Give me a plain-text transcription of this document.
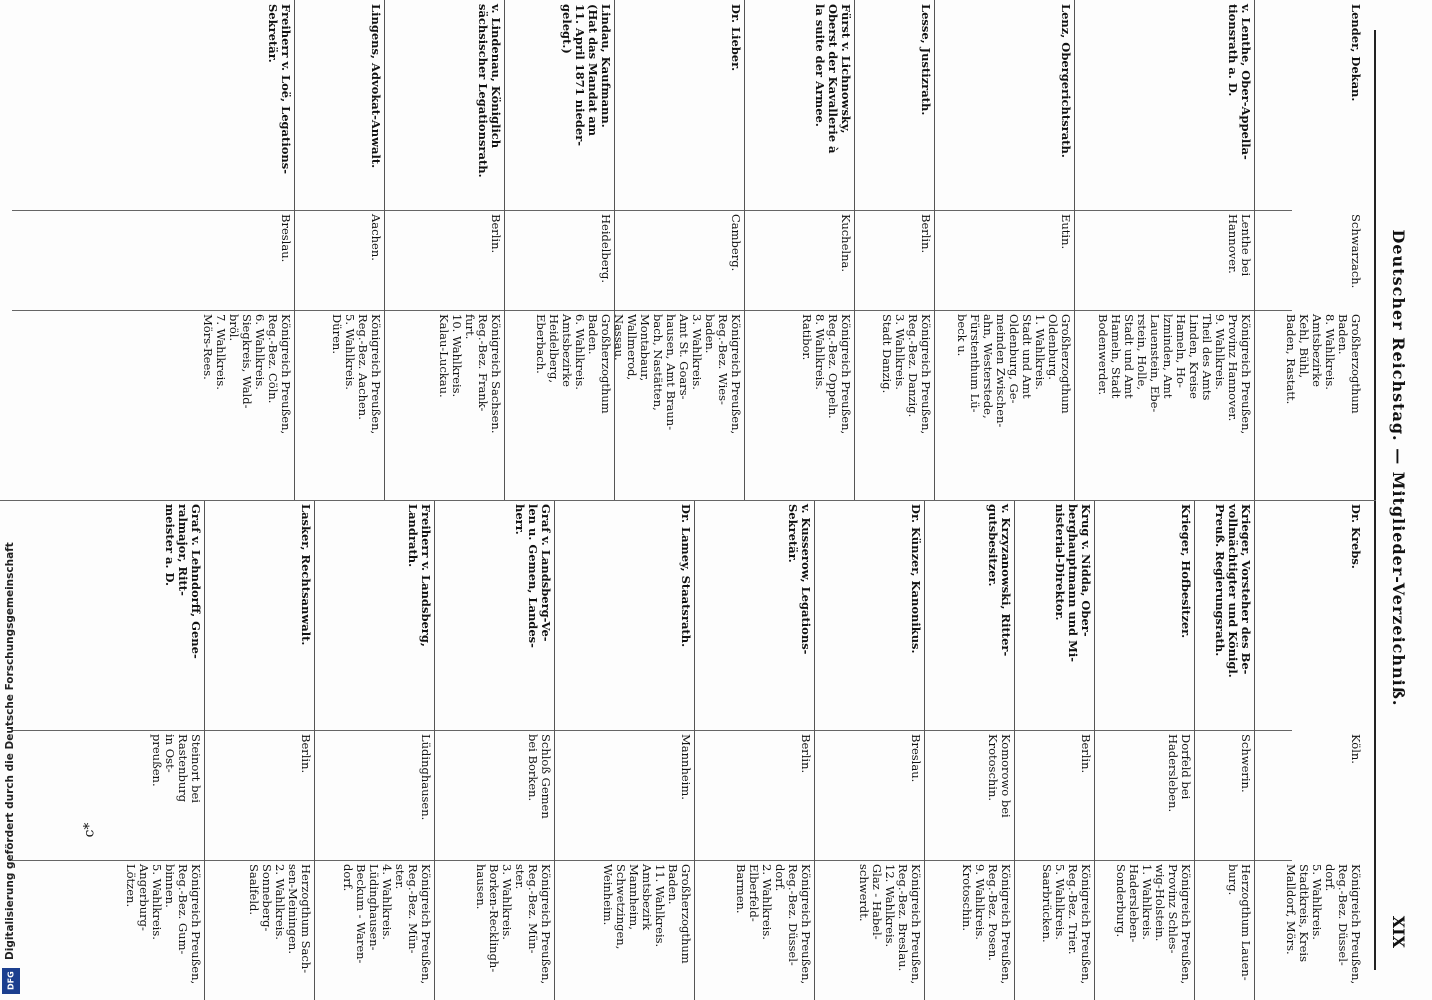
Deutscher Reichstag. — Mitglieder-Verzeichniß.
XIX
Dr. Krebs.
Köln.
Königreich Preußen,
Reg.-Bez. Düssel-
dorf.
5. Wahlkreis.
Stadtkreis, Kreis
Malldorf, Mörs.
Krieger, Vorsteher des Be-
vollmächtigter und Königl.
Preuß. Regierungsrath.
Schwerin.
Herzogthum Lauen-
burg.
Krieger, Hofbesitzer.
Dorfeld bei
Hadersleben.
Königreich Preußen,
Provinz Schles-
wig-Holstein.
1. Wahlkreis.
Hadersleben-
Sonderburg.
Krug v. Nidda, Ober-
berghauptmann und Mi-
nisterial-Direktor.
Berlin.
Königreich Preußen,
Reg.-Bez. Trier.
5. Wahlkreis.
Saarbrücken.
v. Krzyzanowski, Ritter-
gutsbesitzer.
Komorowo bei
Krotoschin.
Königreich Preußen,
Reg.-Bez. Posen.
9. Wahlkreis.
Krotoschin.
Dr. Künzer, Kanonikus.
Breslau.
Königreich Preußen,
Reg.-Bez. Breslau.
12. Wahlkreis.
Glaz - Habel-
schwerdt.
v. Kusserow, Legations-
Sekretär.
Berlin.
Königreich Preußen,
Reg.-Bez. Düssel-
dorf.
2. Wahlkreis.
Elberfeld-
Barmen.
Dr. Lamey, Staatsrath.
Mannheim.
Großherzogthum
Baden.
11. Wahlkreis.
Amtsbezirk
Mannheim,
Schwetzingen,
Weinheim.
Graf v. Landsberg-Ve-
len u. Gemen, Landes-
herr.
Schloß Gemen
bei Borken.
Königreich Preußen,
Reg.-Bez. Mün-
ster.
3. Wahlkreis.
Borken-Recklingh-
hausen.
Freiherr v. Landsberg,
Landrath.
Lüdinghausen.
Königreich Preußen,
Reg.-Bez. Mün-
ster.
4. Wahlkreis.
Lüdinghausen-
Beckum - Waren-
dorf.
Lasker, Rechtsanwalt.
Berlin.
Herzogthum Sach-
sen-Meiningen.
2. Wahlkreis.
Sonneberg-
Saalfeld.
Graf v. Lehndorff, Gene-
ralmajor, Ritt-
meister a. D.
Steinort bei
Rastenburg
in Ost-
preußen.
Königreich Preußen,
Reg.-Bez. Gum-
binnen.
5. Wahlkreis.
Angerburg-
Lötzen.
Lender, Dekan.
Schwarzach.
Großherzogthum
Baden.
8. Wahlkreis.
Amtsbezirke
Kehl, Bühl,
Baden, Rastatt.
v. Lenthe, Ober-Appella-
tionsrath a. D.
Lenthe bei
Hannover.
Königreich Preußen,
Provinz Hannover.
9. Wahlkreis.
Theil des Amts
Linden, Kreise
Hameln, Ho-
lzminden, Amt
Lauenstein, Ebe-
rstein, Holle,
Stadt und Amt
Hameln, Stadt
Bodenwerder.
Lenz, Obergerichtsrath.
Eutin.
Großherzogthum
Oldenburg.
1. Wahlkreis.
Stadt und Amt
Oldenburg, Ge-
meinden Zwischen-
ahn, Westerstede,
Fürstenthum Lü-
beck u.
Lesse, Justizrath.
Berlin.
Königreich Preußen,
Reg.-Bez. Danzig.
3. Wahlkreis.
Stadt Danzig.
Fürst v. Lichnowsky,
Oberst der Kavallerie à
la suite der Armee.
Kuchelna.
Königreich Preußen,
Reg.-Bez. Oppeln.
8. Wahlkreis.
Ratibor.
Dr. Lieber.
Camberg.
Königreich Preußen,
Reg.-Bez. Wies-
baden.
3. Wahlkreis.
Amt St. Goars-
hausen, Amt Braun-
bach, Nastätten,
Montabaur,
Wallmerod,
Nassau.
Lindau, Kaufmann.
(Hat das Mandat am
11. April 1871 nieder-
gelegt.)
Heidelberg.
Großherzogthum
Baden.
6. Wahlkreis.
Amtsbezirke
Heidelberg,
Eberbach.
v. Lindenau, Königlich
sächsischer Legationsrath.
Berlin.
Königreich Sachsen.
Reg.-Bez. Frank-
furt.
10. Wahlkreis.
Kalau-Luckau.
Lingens, Advokat-Anwalt.
Aachen.
Königreich Preußen,
Reg.-Bez. Aachen.
5. Wahlkreis.
Düren.
Freiherr v. Loë, Legations-
Sekretär.
Breslau.
Königreich Preußen,
Reg.-Bez. Cöln.
6. Wahlkreis.
Siegkreis, Wald-
bröl.
7. Wahlkreis.
Mörs-Rees.
DFG
Digitalisierung gefördert durch die Deutsche Forschungsgemeinschaft	c*
